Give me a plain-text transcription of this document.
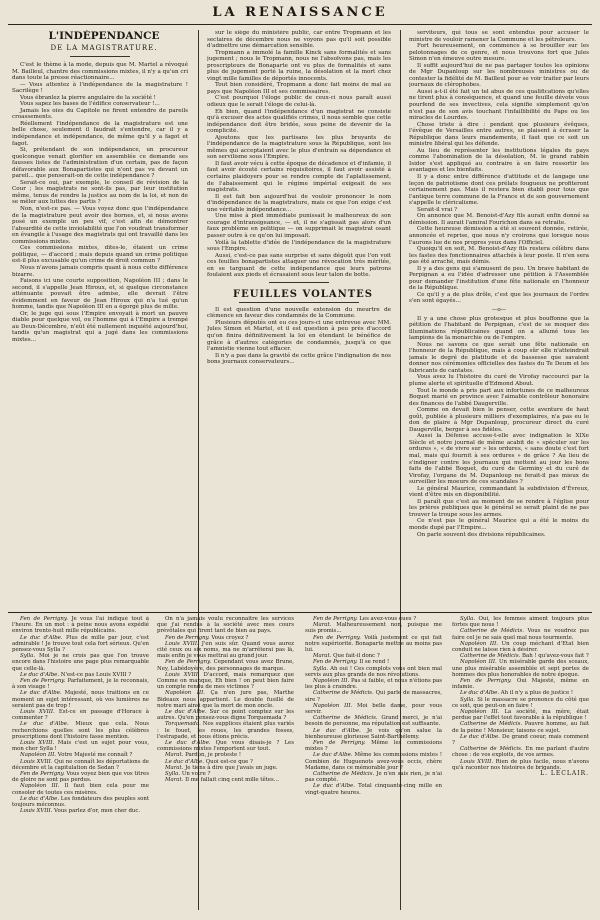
LA RENAISSANCE

L'INDÉPENDANCE

DE LA MAGISTRATURE.

C'est le thème à la mode, depuis que M. Martel a révoqué M. Baillеul, chantre des commissions mixtes, il n'y a qu'un cri dans toute la presse réactionnaire...

— Vous attentez à l'indépendance de la magistrature ! Sacrilège !

Vous ébranlez la pierre angulaire de la société !

Vous sapez les bases de l'édifice conservateur !...

Jamais les oies du Capitole ne firent entendre de pareils croassements.

Réellement l'indépendance de la magistrature est une belle chose, seulement il faudrait s'entendre, car il y a indépendance et indépendance, de même qu'il y a fagot et fagot.

Si, prétendant de son indépendance, un procureur quelconque venait glorifier en assemblée ce demande ses fausses listes de l'administration d'un certain, pas de façon défavorable aux Bonapartistes qui n'ont pas vu devant un pareil... que penserait-on de cette indépendance ?

Serait-ce oui, par exemple, le conseil de révision de la Cour ; les magistrats ne sont-ils pas, par leur institution même, tenus de rendre la justice au nom de la loi, et non de se mêler aux luttes des partis ?

Non, n'est-ce pas. — Vous voyez donc que l'indépendance de la magistrature peut avoir des bornes, et, si nous avons posé un exemple un peu vif, c'est afin de démontrer l'absurdité de cette inviolabilité que l'on voudrait transformer en évangile à l'usage des magistrats qui ont travaillé dans les commissions mixtes.

Ces commissions mixtes, dites-le, étaient un crime politique, — d'accord ; mais depuis quand un crime politique est-il plus excusable qu'un crime de droit commun ?

Nous n'avons jamais compris quant à nous cette différence bizarre.

Faisons ici une courte supposition, Napoléon III ; dans le second, il s'appelle Jean Hiroux, et, si quelque circonstance atténuante pouvait être admise, elle devrait l'être évidemment en faveur de Jean Hiroux qui n'a tué qu'un homme, tandis que Napoléon III en a égorgé plus de mille.

Or, le juge qui sous l'Empire envoyait à mort un pauvre diable pour quelque vol, ou l'homme qui à l'Empire a trempé au Deux-Décembre, n'eût été nullement inquiété aujourd'hui, tandis qu'un magistrat qui a jugé dans les commissions mixtes...

sur le siège du ministère public, car entre Tropmann et les sectaires de décembre nous ne voyons pas qu'il soit possible d'admettre une démarcation sensible.

Tropmann a immolé la famille Kinck sans formalités et sans jugement ; nous le Tropmann, nous ne l'absolvons pas, mais les proscripteurs de Bonaparte ont vu plus de formalités et sans plus de jugement porté la ruine, la désolation et la mort chez vingt mille familles de déportés innocents.

Tout bien considéré, Tropmann a donc fait moins de mal au pays que Napoléon III et ses commissaires.

C'est pourquoi l'éloge public de ceux-ci nous paraît aussi odieux que le serait l'éloge de celui-là.

Eh bien, quand l'indépendance d'un magistrat ne consiste qu'à excuser des actes qualifiés crimes, il nous semble que cette indépendance doit être bridée, sous peine de devenir de la complicité.

Ajoutons que les partisans les plus bruyants de l'indépendance de la magistrature sous la République, sont les mêmes qui acceptaient avec le plus d'entrain sa dépendance et son servilisme sous l'Empire.

Il faut avoir vécu à cette époque de décadence et d'infamie, il faut avoir écouté certains réquisitoires, il faut avoir assisté à certains plaidoyers pour se rendre compte de l'aplatissement, de l'abaissement qui le régime impérial exigeait de ses magistrats.

Il est fait bon aujourd'hui de vouloir prononcer le nom d'indépendance de la magistrature, mais ce que l'on exige c'est une véritable indépendance...

Une mise à pied immédiate punissait le malheureux de son courage d'intransigeance, — et, il ne s'agissait pas alors d'un faux problème en politique — on supprimait le magistrat osant passer outre à ce qu'on lui imposait.

Voilà la tablette d'idée de l'indépendance de la magistrature sous l'Empire.

Aussi, c'est-ce pas sans surprise et sans dégoût que l'on voit ces feuilles bonapartistes attaquer une révocation très méritée, en se targuant de cette indépendance que leurs patrons foulaient aux pieds et écrasaient sous leur talon de botte.

FEUILLES VOLANTES

Il est question d'une nouvelle extension du meurtre de clémence en faveur des condamnés de la Commune.

Plusieurs députés ont eu ces jours-ci une entrevue avec MM. Jules Simon et Martel, et il est question à peu près d'accord qu'on finira définitivement la loi en étendant le bénéfice de grâce à d'autres catégories de condamnés, jusqu'à ce que l'amnistie vienne tout effacer.

Il n'y a pas dans la gravité de cette grâce l'indignation de nos bons journaux conservateurs...

serviteurs, qui tous se sont entendus pour accuser le ministre de vouloir ramener la Commune et les pétroleurs.

Fort heureusement, on commence à se brouiller sur les pelotonnages de ce genre, et nous trouvons fort que Jules Simon n'en émeuve outre mesure.

Il suffit aujourd'hui de ne pas partager toutes les opinions de Mgr Dupanloup sur les nombreuses ministres ou de contester la fidélité de M. Baillеul pour se voir traiter par leurs journaux de clérophobes.

Aussi a-t-il été fait un tel abus de ces qualifications qu'elles ne tirent plus à conséquence, et quand une feuille dévote vous pourfend de ses invectives, cela signifie simplement qu'on n'est pas de son avis touchant l'infaillibilité du Pape ou les miracles de Lourdes.

Chose triste à dire : pendant que plusieurs évêques, l'évêque de Versailles entre autres, se plaisent à écraser la République dans leurs mandements, il faut que ce soit un ministre libéral qui les défende.

Au lieu de représenter les institutions légales du pays comme l'abomination de la désolation, M. le grand rabbin Isidor s'est appliqué au contraire à en faire ressortir les avantages et les bienfaits.

Il y a donc entre différence d'attitude et de langage une leçon de patriotisme dont ces prélats fougueux ne profiteront certainement pas. Mais il restera bien établi pour tous que l'antique terre commune de la France et de son gouvernement s'appelle le cléricalisme.

Serait-il vrai ?

On annonce que M. Benoist-d'Azy fils aurait enfin donné sa démission. Il aurait l'amiral Fourichon dans sa retraite.

Cette heureuse démission a été si souvent donnée, retirée, annoncée et reprise, que nous n'y croirons que lorsque nous l'aurons lue de nos propres yeux dans l'Officiel.

Quoiqu'il en soit, M. Benoist-d'Azy fils restera célèbre dans les fastes des fonctionnaires attachés à leur poste. Il n'en sera pas été arraché, mais démis.

Il y a des gens qui s'amusent de peu. Un brave habitant de Perpignan a eu l'idée d'adresser une pétition à l'Assemblée pour demander l'institution d'une fête nationale en l'honneur de la République.

Ce qu'il y a de plus drôle, c'est que les journaux de l'ordre s'en sont égayés...

—o—

Il y a une chose plus grotesque et plus bouffonne que la pétition de l'habitant de Perpignan, c'est de se moquer des illuminations républicaines quand on a allumé tous les lampions de la monarchie ou de l'empire.

Nous ne savons ce que serait une fête nationale en l'honneur de la République, mais à coup sûr elle n'atteindrait jamais le degré de platitude et de bassesse que savaient donner nos cérémonies officielles des fastes du Te Deum et les fabricants de cantates.

Vous avez lu l'histoire du curé de Virofay raccourci par la plume alerte et spirituelle d'Edmond About.

Tout le monde a pris part aux infortunes de ce malheureux Boquet marié en province avec l'aimable contrôleur honoraire des finances de l'abbé Daugerville.

Comme on devait bien le penser, cette aventure de haut goût, publiée à plusieurs milliers d'exemplaires, n'a pas eu le don de plaire à Mgr Dupanloup, procureur direct du curé Daugerville, berger à ses fidèles.

Aussi la Défense accuse-t-elle avec indignation le XIXe Siècle et notre journal de même acabit de « spéculer sur les ordures », « de vivre sur » les ordures, « sans doute c'est fort mal, mais qui fournit à ses ordures » de grâce ? Au lieu de s'indigner contre les journaux qui mettent au jour les bons faits de l'abbé Boquet, du curé de Germiny et du curé de Virofay, l'organe de M. Dupanloup ne ferait-il pas mieux de surveiller les moeurs de ces scandales ?

Le général Maurice, commandant la subdivision d'Évreux, vient d'être mis en disponibilité.

Il paraît que c'est au moment de se rendre à l'église pour les prières publiques que le général se serait plaint de ne pas trouver la troupe sous les armes.

Ce n'est pas le général Maurice qui a été le moins du monde dupé par l'Empire...

On parle souvent des divisions républicaines.

Fen de Perrigny. Je vous l'ai indiqué tout à l'heure. En un mot : à peine nous avons expédié environ trente-huit mille républicains.

Le duc d'Albe. Plus de mille par jour, c'est admirable ! Je trouve tout cela fort sérieux. Qu'en pensez-vous Sylla ?

Sylla. Moi je ne crois pas que l'on trouve encore dans l'histoire une page plus remarquable que celle-là.

Le duc d'Albe. N'est-ce pas Louis XVIII ?

Fen de Perrigny. Parfaitement, je le reconnais, à son visage !

Le duc d'Albe. Majesté, nous traitions en ce moment un sujet intéressant, où vos lumières ne seraient pas de trop !

Louis XVIII. Est-ce en passage d'Horace à commenter ?

Le duc d'Albe. Mieux que cela. Nous recherchions quelles sont les plus célèbres proscriptions dont l'histoire fasse mention.

Louis XVIII. Mais c'est un sujet pour vous, mon cher Sylla !

Napoléon III. Votre Majesté me connaît ?

Louis XVIII. Qui ne connaît les déportations de décembre et la capitulation de Sedan ?

Fen de Perrigny. Vous voyez bien que vos titres de gloire ne sont pas perdus.

Napoléon III. Il faut bien cela pour me consoler de toutes ces misères.

Le duc d'Albe. Les fondateurs des peuples sont toujours méconnus.

Louis XVIII. Vous parlez d'or, mon cher duc.

On n'a jamais voulu reconnaître les services que j'ai rendus à la société avec mes cours prévôtales qui firent tant de bien au pays.

Fen de Perrigny. Vous croyez ?

Louis XVIII. J'en suis sûr. Quand vous aurez cité ceux ou six noms, ma ne m'arrêterai pas là, mais enfin je vous mettrai au grand jour.

Fen de Perrigny. Cependant vous avez Brune, Ney, Labédoyère, des personnages de marque.

Louis XVIII. D'accord, mais remarquez que Comme on manque, Eh bien ! on peut bien faire un compte rendu de mes victimes ?

Napoléon III. Ça n'en jure pas, Marthe Bideaux nous appartient. Le double fusillé de notre mari ainsi que la mort de mon oncle.

Le duc d'Albe. Sur ce point comptez sur les autres. Qu'en pensez-vous digne Torquemada ?

Torquemada. Nos supplices étaient plus variés : le fouet, les roues, les grandes fosses, l'estrapade, et nous étions précis.

Le duc d'Albe. Que vous disais-je ? Les commissions mixtes l'emportent sur tout.

Marat. Pardon, je proteste !

Le duc d'Albe. Quoi est-ce que ?

Marat. Je tiens à dire que j'avais un juge.

Sylla. Un votre ?

Marat. Il me fallait cinq cent mille têtes...

Fen de Perrigny. Les avez-vous eues ?

Marat. Malheureusement non, puisque me suis promis...

Fen de Perrigny. Voilà justement ce qui fait notre supériorité. Bonaparte mettre au moins pas lui.

Marat. Que fait-il donc ?

Fen de Perrigny. Il se rend !

Sylla. Ah oui ! Ces complots vous ont bien mal servis aux plus grands de nos révolutions.

Napoléon III. Pas si faible, et nous n'étions pas les plus à craindre.

Catherine de Médicis. Qui parle de massacres, sire ?

Napoléon III. Moi belle dame, pour vous servir.

Catherine de Médicis. Grand merci, je n'ai besoin de personne, ma réputation est suffisante.

Le duc d'Albe. Je vois qu'on salue la bienheureuse glorieuse Saint-Barthélemy.

Fen de Perrigny. Même les commissions mixtes ?

Le duc d'Albe. Même les commissions mixtes ! Combien de Huguenots avez-vous occis, chère Madame, dans ce mémorable jour ?

Catherine de Médicis. Je n'en sais rien, je n'ai pas compté.

Le duc d'Albe. Total cinquante-cinq mille en vingt-quatre heures.

Sylla. Oui, les femmes aiment toujours plus fortes que nous !

Catherine de Médicis. Vous ne voudrez pas faire cel je ne sais quel mal nous tourmente.

Napoléon III. Un coup méchant d'Etat bien conduit ne laisse rien à désirer.

Catherine de Médicis. Bah ! qu'avez-vous fait ?

Napoléon III. Un misérable garde des sceaux, une plus misérable assemblée et sept portes de hommes des plus honorables de notre époque.

Fen de Perrigny. Oui Majesté, même en infamie.

Le duc d'Albe. Ah il n'y a plus de justice !

Sylla. Si le massacre se prononce du côté que ce soit, que peut-on en faire !

Napoléon III. La société, ma mère, était perdue par l'effet tout favorable à la république !

Catherine de Médicis. Pauvre homme, au fait de la peine ! Monsieur, taisons ce sujet.

Le duc d'Albe. De grand coeur, mais comment ?

Catherine de Médicis. En me parlant d'autre chose : de vos exploits, de vos armes.

Louis XVIII. Rien de plus facile, nous n'avons qu'à raconter nos histoires de brigands.

L. LECLAIR.
